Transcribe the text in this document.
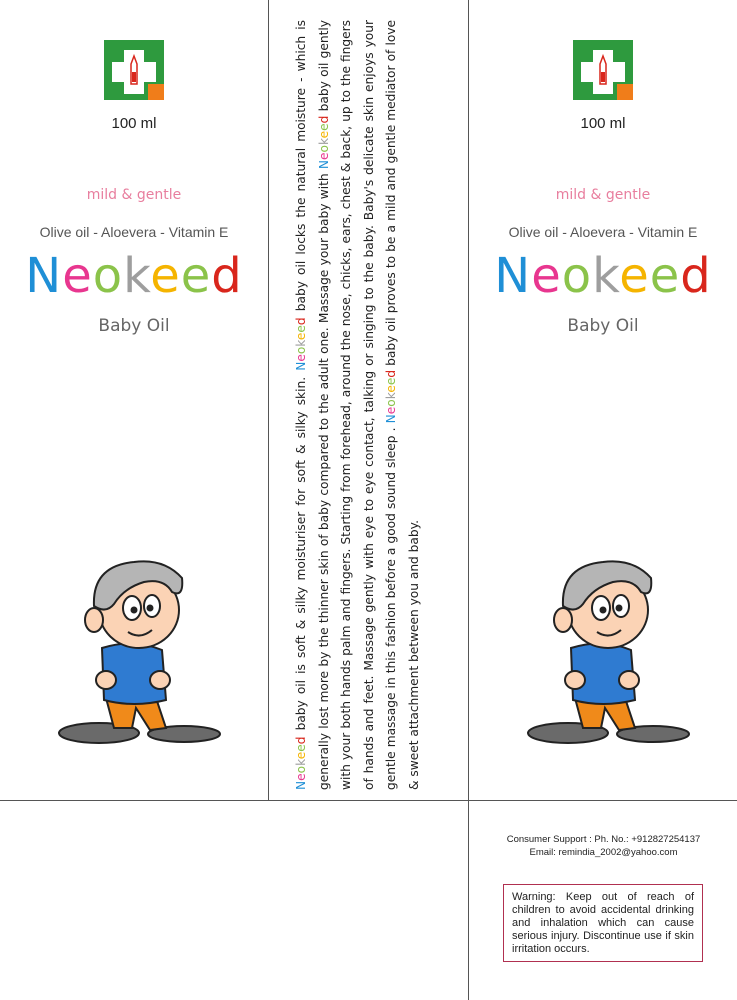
100 ml
mild & gentle
Olive oil - Aloevera - Vitamin E
Neokeed
Baby Oil
Neokeed baby oil is soft & silky moisturiser for soft & silky skin. Neokeed baby oil locks the natural moisture - which is generally lost more by the thinner skin of baby compared to the adult one. Massage your baby with Neokeed baby oil gently with your both hands palm and fingers. Starting from forehead, around the nose, chicks, ears, chest & back, up to the fingers of hands and feet. Massage gently with eye to eye contact, talking or singing to the baby. Baby's delicate skin enjoys your gentle massage in this fashion before a good sound sleep . Neokeed baby oil proves to be a mild and gentle mediator of love & sweet attachment between you and baby.
100 ml
mild & gentle
Olive oil - Aloevera - Vitamin E
Neokeed
Baby Oil
Consumer Support : Ph. No.: +912827254137
Email: remindia_2002@yahoo.com
Warning: Keep out of reach of children to avoid accidental drinking and inhalation which can cause serious injury. Discontinue use if skin irritation occurs.
